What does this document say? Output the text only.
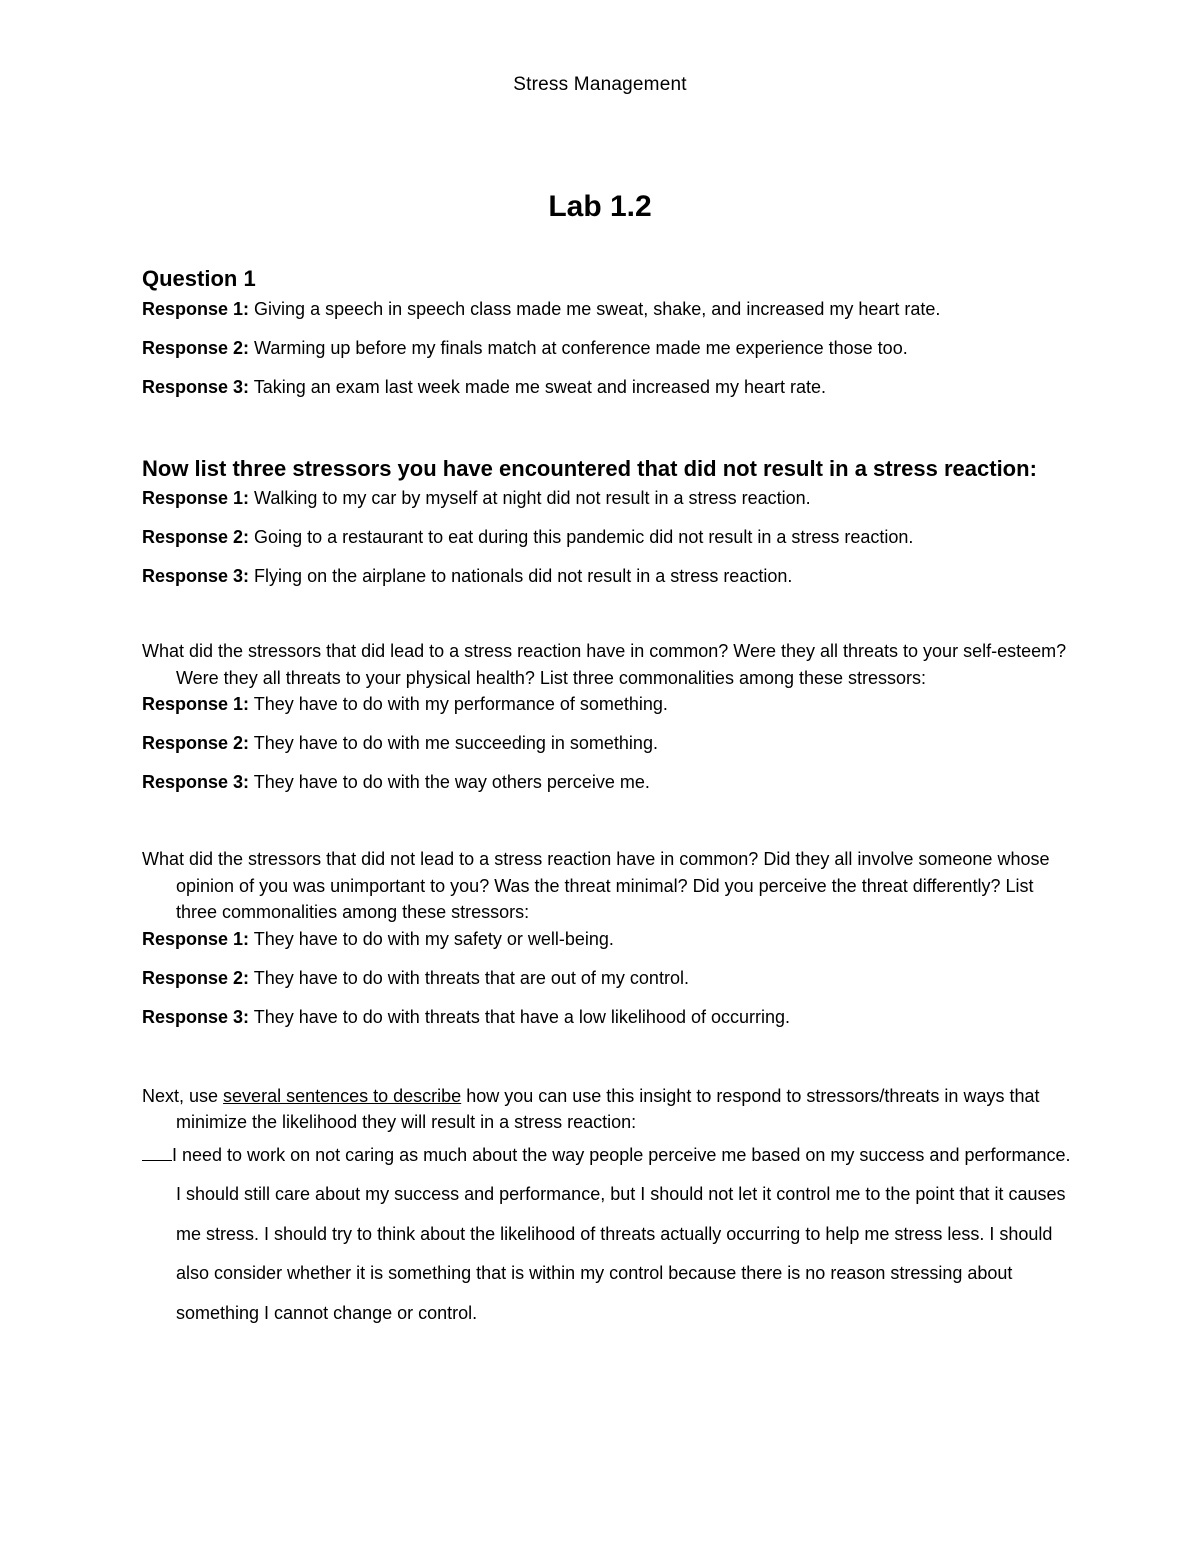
Stress Management
Lab 1.2
Question 1
Response 1: Giving a speech in speech class made me sweat, shake, and increased my heart rate.
Response 2: Warming up before my finals match at conference made me experience those too.
Response 3: Taking an exam last week made me sweat and increased my heart rate.
Now list three stressors you have encountered that did not result in a stress reaction:
Response 1: Walking to my car by myself at night did not result in a stress reaction.
Response 2: Going to a restaurant to eat during this pandemic did not result in a stress reaction.
Response 3: Flying on the airplane to nationals did not result in a stress reaction.
What did the stressors that did lead to a stress reaction have in common? Were they all threats to your self-esteem? Were they all threats to your physical health? List three commonalities among these stressors:
Response 1: They have to do with my performance of something.
Response 2: They have to do with me succeeding in something.
Response 3: They have to do with the way others perceive me.
What did the stressors that did not lead to a stress reaction have in common? Did they all involve someone whose opinion of you was unimportant to you? Was the threat minimal? Did you perceive the threat differently? List three commonalities among these stressors:
Response 1: They have to do with my safety or well-being.
Response 2: They have to do with threats that are out of my control.
Response 3: They have to do with threats that have a low likelihood of occurring.
Next, use several sentences to describe how you can use this insight to respond to stressors/threats in ways that minimize the likelihood they will result in a stress reaction:
I need to work on not caring as much about the way people perceive me based on my success and performance. I should still care about my success and performance, but I should not let it control me to the point that it causes me stress. I should try to think about the likelihood of threats actually occurring to help me stress less. I should also consider whether it is something that is within my control because there is no reason stressing about something I cannot change or control.
